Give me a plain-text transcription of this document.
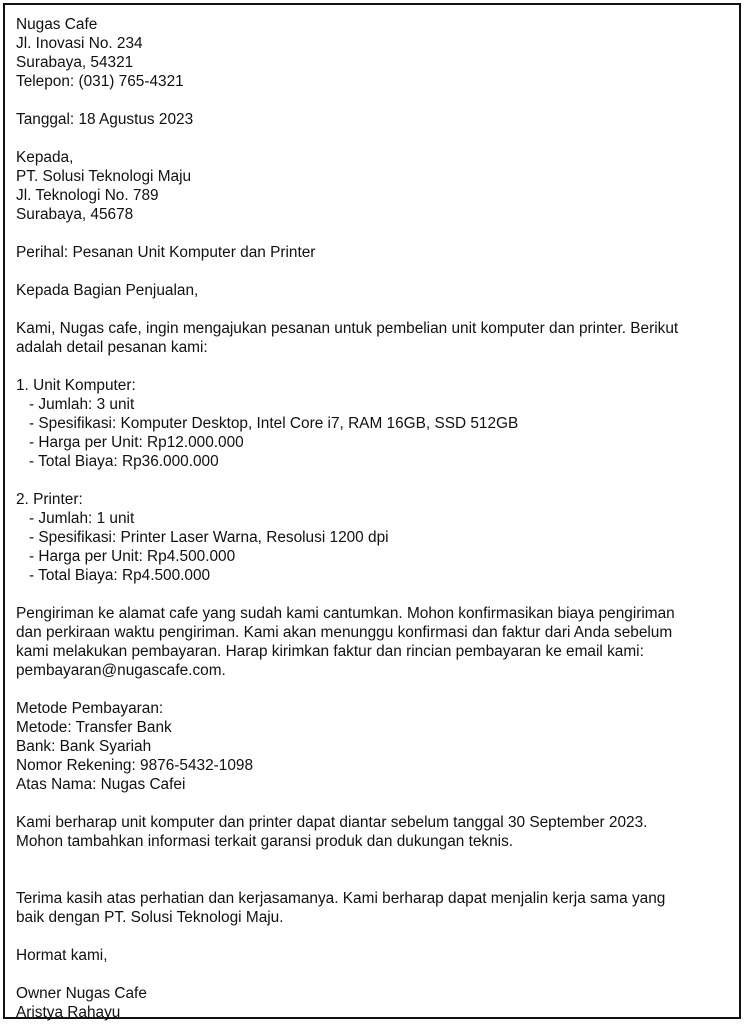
Nugas Cafe
Jl. Inovasi No. 234
Surabaya, 54321
Telepon: (031) 765-4321
Tanggal: 18 Agustus 2023
Kepada,
PT. Solusi Teknologi Maju
Jl. Teknologi No. 789
Surabaya, 45678
Perihal: Pesanan Unit Komputer dan Printer
Kepada Bagian Penjualan,
Kami, Nugas cafe, ingin mengajukan pesanan untuk pembelian unit komputer dan printer. Berikut
adalah detail pesanan kami:
1. Unit Komputer:
- Jumlah: 3 unit
- Spesifikasi: Komputer Desktop, Intel Core i7, RAM 16GB, SSD 512GB
- Harga per Unit: Rp12.000.000
- Total Biaya: Rp36.000.000
2. Printer:
- Jumlah: 1 unit
- Spesifikasi: Printer Laser Warna, Resolusi 1200 dpi
- Harga per Unit: Rp4.500.000
- Total Biaya: Rp4.500.000
Pengiriman ke alamat cafe yang sudah kami cantumkan. Mohon konfirmasikan biaya pengiriman
dan perkiraan waktu pengiriman. Kami akan menunggu konfirmasi dan faktur dari Anda sebelum
kami melakukan pembayaran. Harap kirimkan faktur dan rincian pembayaran ke email kami:
pembayaran@nugascafe.com.
Metode Pembayaran:
Metode: Transfer Bank
Bank: Bank Syariah
Nomor Rekening: 9876-5432-1098
Atas Nama: Nugas Cafei
Kami berharap unit komputer dan printer dapat diantar sebelum tanggal 30 September 2023.
Mohon tambahkan informasi terkait garansi produk dan dukungan teknis.
Terima kasih atas perhatian dan kerjasamanya. Kami berharap dapat menjalin kerja sama yang
baik dengan PT. Solusi Teknologi Maju.
Hormat kami,
Owner Nugas Cafe
Aristya Rahayu
